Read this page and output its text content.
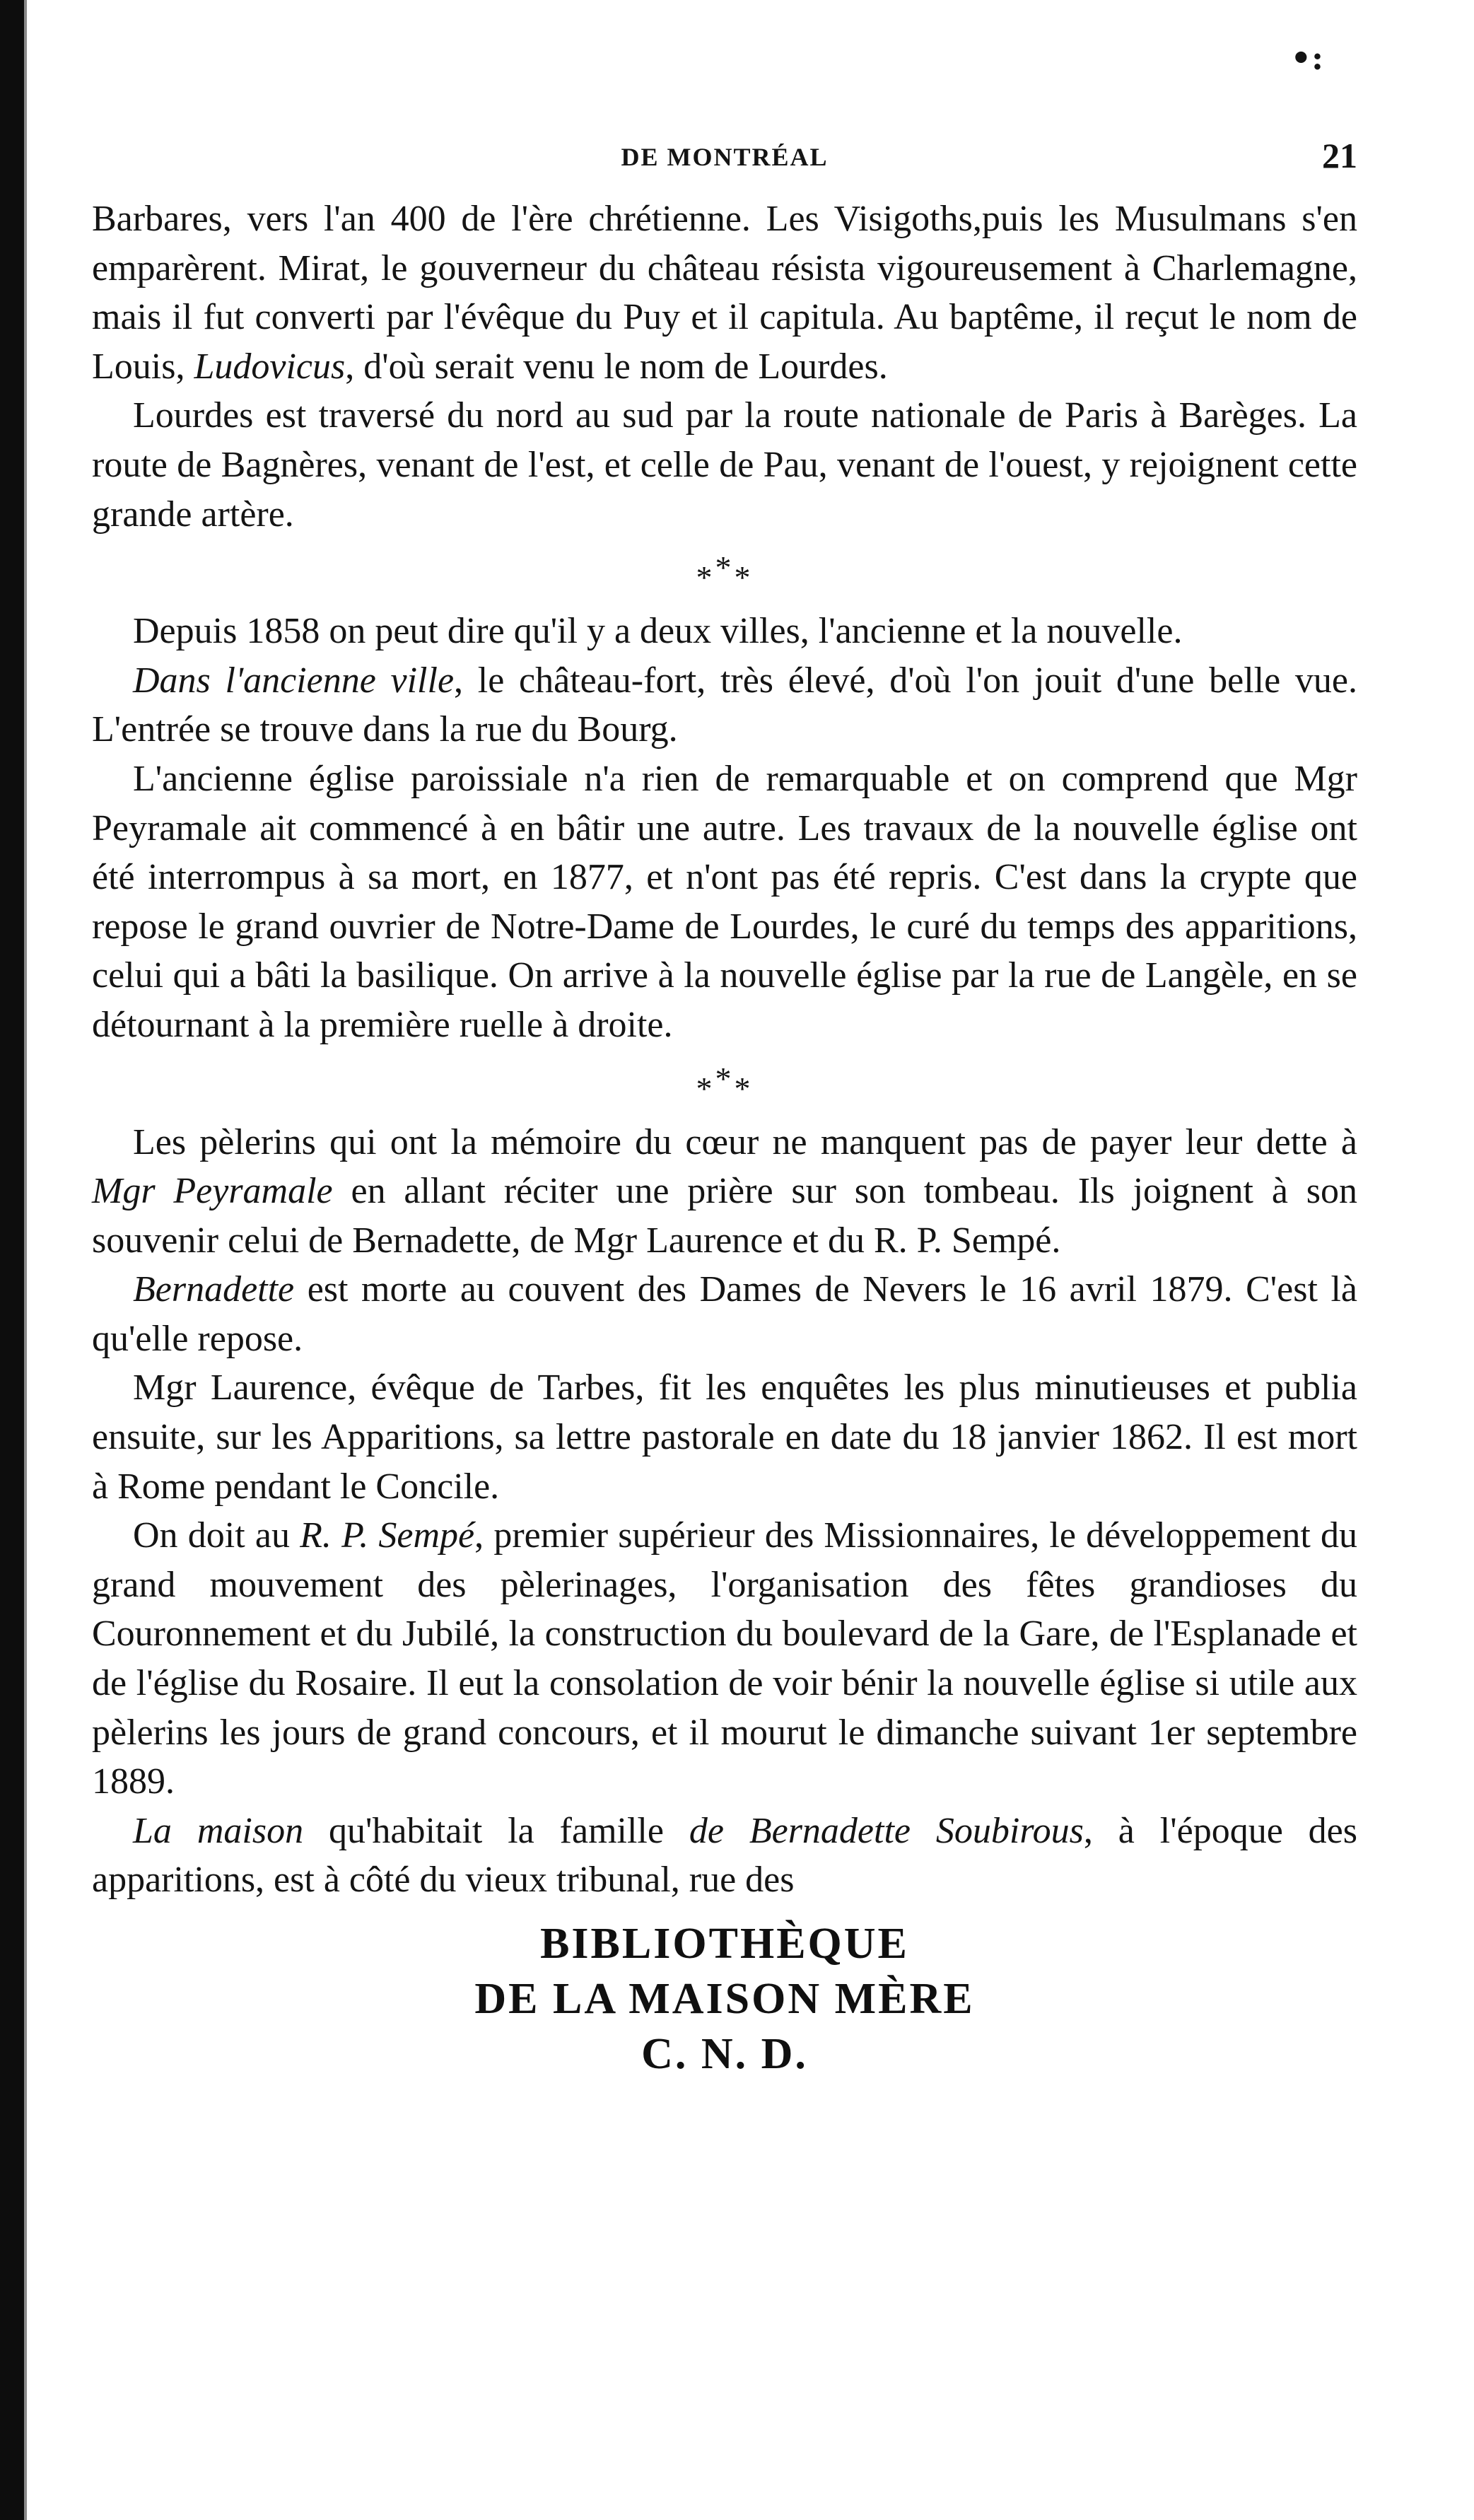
DE MONTRÉAL	21
•:

Barbares, vers l'an 400 de l'ère chrétienne. Les Visigoths,puis les Musulmans s'en emparèrent. Mirat, le gouverneur du château résista vigoureusement à Charlemagne, mais il fut converti par l'évêque du Puy et il capitula. Au baptême, il reçut le nom de Louis, Ludovicus, d'où serait venu le nom de Lourdes.

Lourdes est traversé du nord au sud par la route nationale de Paris à Barèges. La route de Bagnères, venant de l'est, et celle de Pau, venant de l'ouest, y rejoignent cette grande artère.

***

Depuis 1858 on peut dire qu'il y a deux villes, l'ancienne et la nouvelle.

Dans l'ancienne ville, le château-fort, très élevé, d'où l'on jouit d'une belle vue. L'entrée se trouve dans la rue du Bourg.

L'ancienne église paroissiale n'a rien de remarquable et on comprend que Mgr Peyramale ait commencé à en bâtir une autre. Les travaux de la nouvelle église ont été interrompus à sa mort, en 1877, et n'ont pas été repris. C'est dans la crypte que repose le grand ouvrier de Notre-Dame de Lourdes, le curé du temps des apparitions, celui qui a bâti la basilique. On arrive à la nouvelle église par la rue de Langèle, en se détournant à la première ruelle à droite.

***

Les pèlerins qui ont la mémoire du cœur ne manquent pas de payer leur dette à Mgr Peyramale en allant réciter une prière sur son tombeau. Ils joignent à son souvenir celui de Bernadette, de Mgr Laurence et du R. P. Sempé.

Bernadette est morte au couvent des Dames de Nevers le 16 avril 1879. C'est là qu'elle repose.

Mgr Laurence, évêque de Tarbes, fit les enquêtes les plus minutieuses et publia ensuite, sur les Apparitions, sa lettre pastorale en date du 18 janvier 1862. Il est mort à Rome pendant le Concile.

On doit au R. P. Sempé, premier supérieur des Missionnaires, le développement du grand mouvement des pèlerinages, l'organisation des fêtes grandioses du Couronnement et du Jubilé, la construction du boulevard de la Gare, de l'Esplanade et de l'église du Rosaire. Il eut la consolation de voir bénir la nouvelle église si utile aux pèlerins les jours de grand concours, et il mourut le dimanche suivant 1er septembre 1889.

La maison qu'habitait la famille de Bernadette Soubirous, à l'époque des apparitions, est à côté du vieux tribunal, rue des

BIBLIOTHÈQUE
DE LA MAISON MÈRE
C. N. D.
